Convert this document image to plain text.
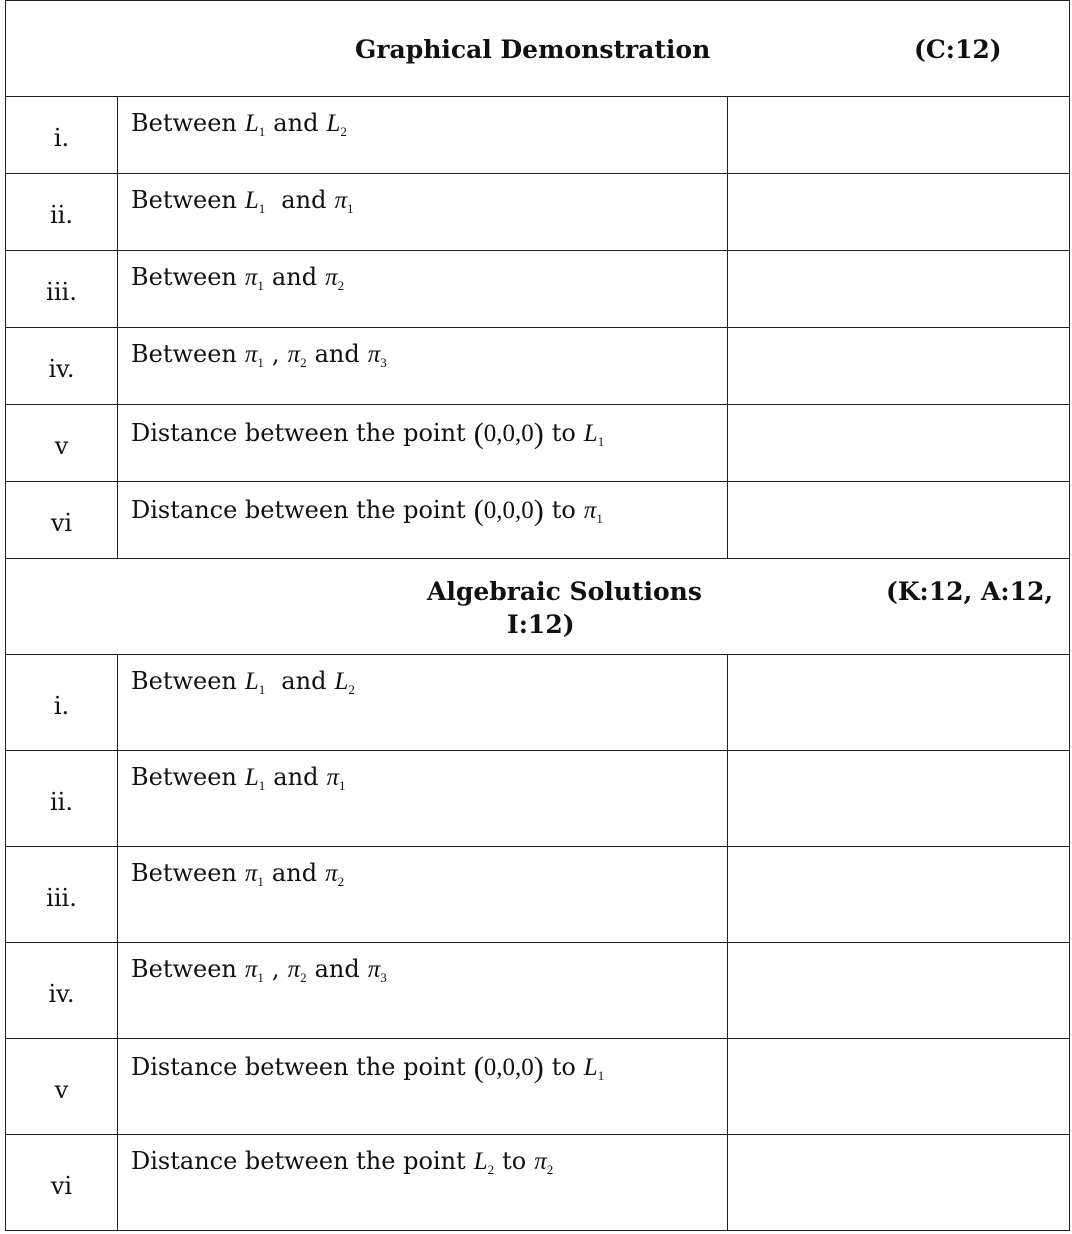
Graphical Demonstration (C:12)		

i.	Between $L_1$ and $L_2$	
ii.	Between $L_1$ and $\pi_1$	
iii.	Between $\pi_1$ and $\pi_2$	
iv.	Between $\pi_1$ , $\pi_2$ and $\pi_3$	
v	Distance between the point (0,0,0) to $L_1$	
vi	Distance between the point (0,0,0) to $\pi_1$	

Algebraic Solutions (K:12, A:12,
I:12)		

i.	Between $L_1$ and $L_2$	
ii.	Between $L_1$ and $\pi_1$	
iii.	Between $\pi_1$ and $\pi_2$	
iv.	Between $\pi_1$ , $\pi_2$ and $\pi_3$	
v	Distance between the point (0,0,0) to $L_1$	
vi	Distance between the point $L_2$ to $\pi_2$	
